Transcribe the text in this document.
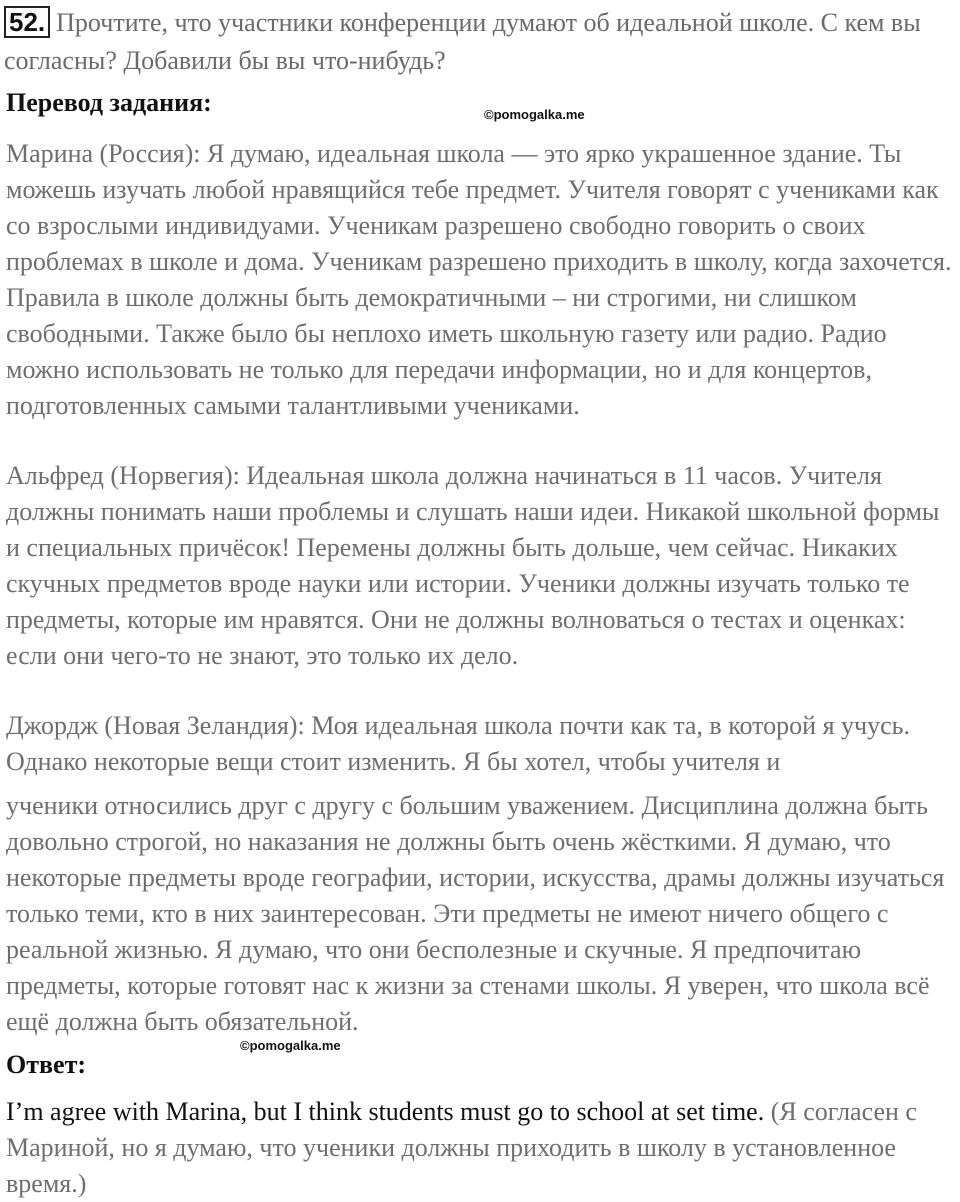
52. Прочтите, что участники конференции думают об идеальной школе. С кем вы согласны? Добавили бы вы что-нибудь?
Перевод задания:	©pomogalka.me

Марина (Россия): Я думаю, идеальная школа — это ярко украшенное здание. Ты можешь изучать любой нравящийся тебе предмет. Учителя говорят с учениками как со взрослыми индивидуами. Ученикам разрешено свободно говорить о своих проблемах в школе и дома. Ученикам разрешено приходить в школу, когда захочется. Правила в школе должны быть демократичными – ни строгими, ни слишком свободными. Также было бы неплохо иметь школьную газету или радио. Радио можно использовать не только для передачи информации, но и для концертов, подготовленных самыми талантливыми учениками.

Альфред (Норвегия): Идеальная школа должна начинаться в 11 часов. Учителя должны понимать наши проблемы и слушать наши идеи. Никакой школьной формы и специальных причёсок! Перемены должны быть дольше, чем сейчас. Никаких скучных предметов вроде науки или истории. Ученики должны изучать только те предметы, которые им нравятся. Они не должны волноваться о тестах и оценках: если они чего-то не знают, это только их дело.

Джордж (Новая Зеландия): Моя идеальная школа почти как та, в которой я учусь. Однако некоторые вещи стоит изменить. Я бы хотел, чтобы учителя и

ученики относились друг с другу с большим уважением. Дисциплина должна быть довольно строгой, но наказания не должны быть очень жёсткими. Я думаю, что некоторые предметы вроде географии, истории, искусства, драмы должны изучаться только теми, кто в них заинтересован. Эти предметы не имеют ничего общего с реальной жизнью. Я думаю, что они бесполезные и скучные. Я предпочитаю предметы, которые готовят нас к жизни за стенами школы. Я уверен, что школа всё ещё должна быть обязательной.

©pomogalka.me
Ответ:

I’m agree with Marina, but I think students must go to school at set time. (Я согласен с Мариной, но я думаю, что ученики должны приходить в школу в установленное время.)
